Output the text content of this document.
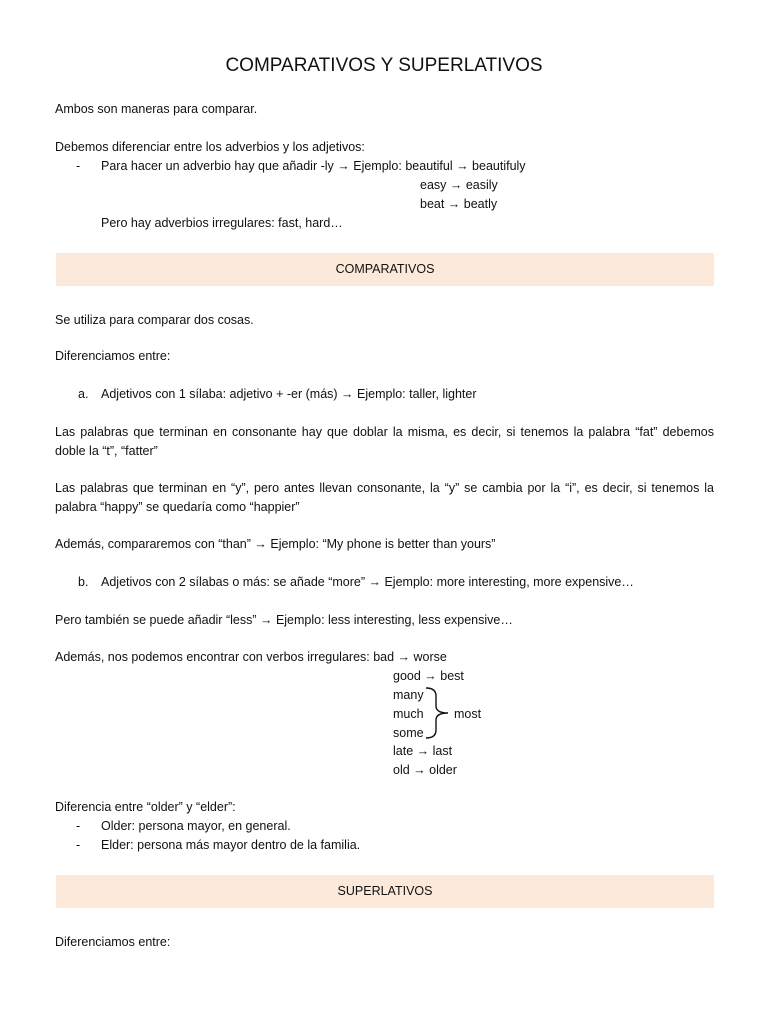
COMPARATIVOS Y SUPERLATIVOS
Ambos son maneras para comparar.
Debemos diferenciar entre los adverbios y los adjetivos:
- Para hacer un adverbio hay que añadir -ly → Ejemplo: beautiful → beautifuly
easy → easily
beat → beatly
Pero hay adverbios irregulares: fast, hard…
COMPARATIVOS
Se utiliza para comparar dos cosas.
Diferenciamos entre:
a. Adjetivos con 1 sílaba: adjetivo + -er (más) → Ejemplo: taller, lighter
Las palabras que terminan en consonante hay que doblar la misma, es decir, si tenemos la palabra “fat” debemos doble la “t”, “fatter”
Las palabras que terminan en “y”, pero antes llevan consonante, la “y” se cambia por la “i”, es decir, si tenemos la palabra “happy” se quedaría como “happier”
Además, compararemos con “than” → Ejemplo: “My phone is better than yours”
b. Adjetivos con 2 sílabas o más: se añade “more” → Ejemplo: more interesting, more expensive…
Pero también se puede añadir “less” → Ejemplo: less interesting, less expensive…
Además, nos podemos encontrar con verbos irregulares: bad → worse
good → best
many
much
some
most
late → last
old → older
Diferencia entre “older” y “elder”:
- Older: persona mayor, en general.
- Elder: persona más mayor dentro de la familia.
SUPERLATIVOS
Diferenciamos entre:
